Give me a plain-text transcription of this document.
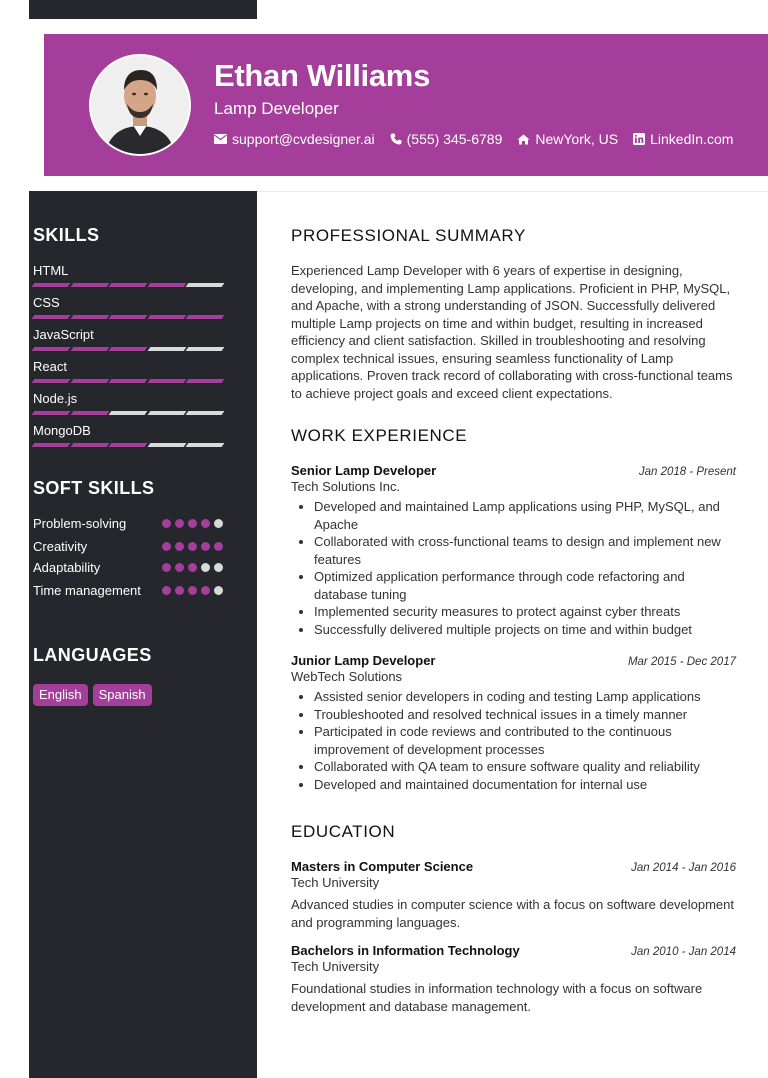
Ethan Williams
Lamp Developer
support@cvdesigner.ai (555) 345-6789 NewYork, US LinkedIn.com
SKILLS
HTML
CSS
JavaScript
React
Node.js
MongoDB
SOFT SKILLS
Problem-solving
Creativity
Adaptability
Time management
LANGUAGES
English	Spanish
PROFESSIONAL SUMMARY
Experienced Lamp Developer with 6 years of expertise in designing, developing, and implementing Lamp applications. Proficient in PHP, MySQL, and Apache, with a strong understanding of JSON. Successfully delivered multiple Lamp projects on time and within budget, resulting in increased efficiency and client satisfaction. Skilled in troubleshooting and resolving complex technical issues, ensuring seamless functionality of Lamp applications. Proven track record of collaborating with cross-functional teams to achieve project goals and exceed client expectations.
WORK EXPERIENCE
Senior Lamp Developer	Jan 2018 - Present
Tech Solutions Inc.
• Developed and maintained Lamp applications using PHP, MySQL, and Apache
• Collaborated with cross-functional teams to design and implement new features
• Optimized application performance through code refactoring and database tuning
• Implemented security measures to protect against cyber threats
• Successfully delivered multiple projects on time and within budget
Junior Lamp Developer	Mar 2015 - Dec 2017
WebTech Solutions
• Assisted senior developers in coding and testing Lamp applications
• Troubleshooted and resolved technical issues in a timely manner
• Participated in code reviews and contributed to the continuous improvement of development processes
• Collaborated with QA team to ensure software quality and reliability
• Developed and maintained documentation for internal use
EDUCATION
Masters in Computer Science	Jan 2014 - Jan 2016
Tech University
Advanced studies in computer science with a focus on software development and programming languages.
Bachelors in Information Technology	Jan 2010 - Jan 2014
Tech University
Foundational studies in information technology with a focus on software development and database management.
